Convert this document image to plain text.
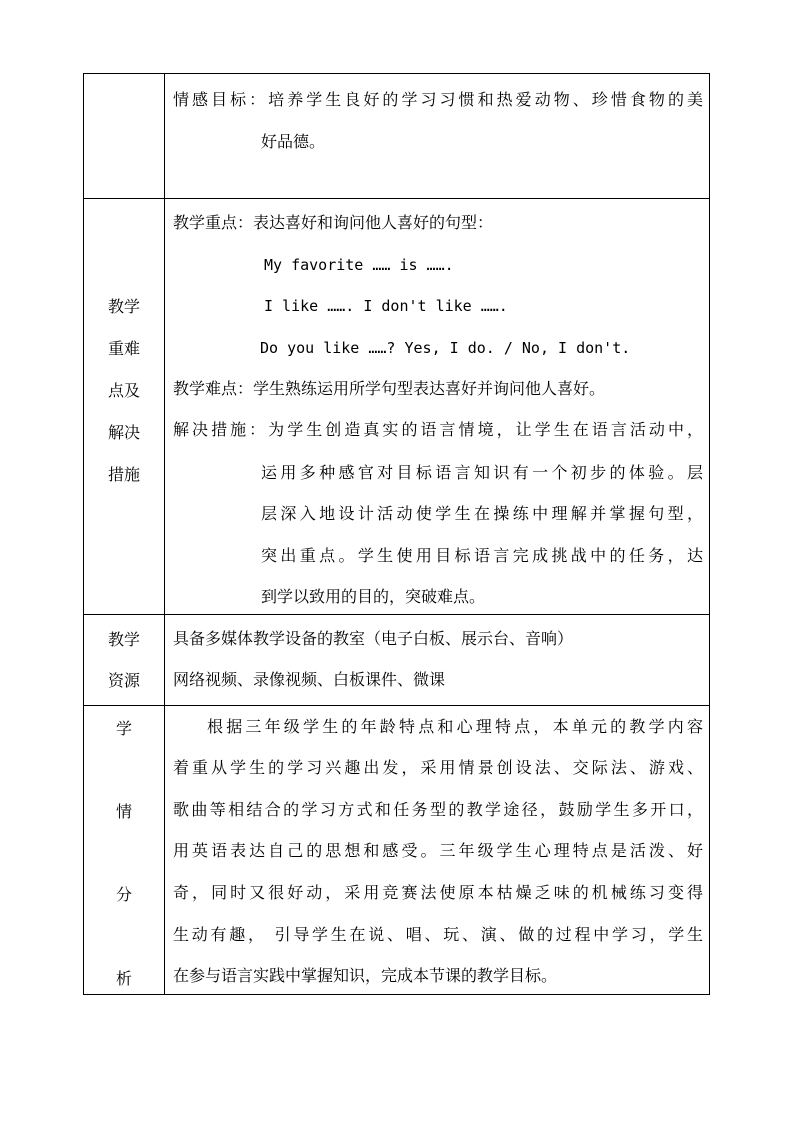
情感目标：培养学生良好的学习习惯和热爱动物、珍惜食物的美
好品德。
教学
重难
点及
解决
措施
教学重点：表达喜好和询问他人喜好的句型：
My favorite …… is …….
I like ……. I don't like …….
Do you like ……? Yes, I do. / No, I don't.
教学难点：学生熟练运用所学句型表达喜好并询问他人喜好。
解决措施：为学生创造真实的语言情境，让学生在语言活动中，
运用多种感官对目标语言知识有一个初步的体验。层
层深入地设计活动使学生在操练中理解并掌握句型，
突出重点。学生使用目标语言完成挑战中的任务，达
到学以致用的目的，突破难点。
教学
资源
具备多媒体教学设备的教室（电子白板、展示台、音响）
网络视频、录像视频、白板课件、微课
学
情
分
析
根据三年级学生的年龄特点和心理特点，本单元的教学内容
着重从学生的学习兴趣出发，采用情景创设法、交际法、游戏、
歌曲等相结合的学习方式和任务型的教学途径，鼓励学生多开口，
用英语表达自己的思想和感受。三年级学生心理特点是活泼、好
奇，同时又很好动，采用竞赛法使原本枯燥乏味的机械练习变得
生动有趣， 引导学生在说、唱、玩、演、做的过程中学习，学生
在参与语言实践中掌握知识，完成本节课的教学目标。
